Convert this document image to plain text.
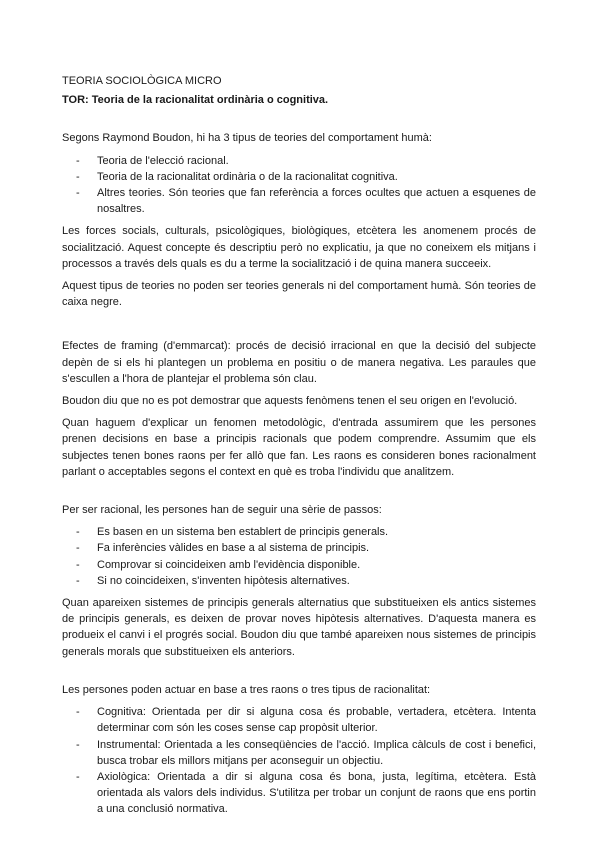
TEORIA SOCIOLÒGICA MICRO

TOR: Teoria de la racionalitat ordinària o cognitiva.

Segons Raymond Boudon, hi ha 3 tipus de teories del comportament humà:

- Teoria de l'elecció racional.
- Teoria de la racionalitat ordinària o de la racionalitat cognitiva.
- Altres teories. Són teories que fan referència a forces ocultes que actuen a esquenes de nosaltres.

Les forces socials, culturals, psicològiques, biològiques, etcètera les anomenem procés de socialització. Aquest concepte és descriptiu però no explicatiu, ja que no coneixem els mitjans i processos a través dels quals es du a terme la socialització i de quina manera succeeix.

Aquest tipus de teories no poden ser teories generals ni del comportament humà. Són teories de caixa negre.

Efectes de framing (d'emmarcat): procés de decisió irracional en que la decisió del subjecte depèn de si els hi plantegen un problema en positiu o de manera negativa. Les paraules que s'escullen a l'hora de plantejar el problema són clau.

Boudon diu que no es pot demostrar que aquests fenòmens tenen el seu origen en l'evolució.

Quan haguem d'explicar un fenomen metodològic, d'entrada assumirem que les persones prenen decisions en base a principis racionals que podem comprendre. Assumim que els subjectes tenen bones raons per fer allò que fan. Les raons es consideren bones racionalment parlant o acceptables segons el context en què es troba l'individu que analitzem.

Per ser racional, les persones han de seguir una sèrie de passos:

- Es basen en un sistema ben establert de principis generals.
- Fa inferències vàlides en base a al sistema de principis.
- Comprovar si coincideixen amb l'evidència disponible.
- Si no coincideixen, s'inventen hipòtesis alternatives.

Quan apareixen sistemes de principis generals alternatius que substitueixen els antics sistemes de principis generals, es deixen de provar noves hipòtesis alternatives. D'aquesta manera es produeix el canvi i el progrés social. Boudon diu que també apareixen nous sistemes de principis generals morals que substitueixen els anteriors.

Les persones poden actuar en base a tres raons o tres tipus de racionalitat:

- Cognitiva: Orientada per dir si alguna cosa és probable, vertadera, etcètera. Intenta determinar com són les coses sense cap propòsit ulterior.
- Instrumental: Orientada a les conseqüències de l'acció. Implica càlculs de cost i benefici, busca trobar els millors mitjans per aconseguir un objectiu.
- Axiològica: Orientada a dir si alguna cosa és bona, justa, legítima, etcètera. Està orientada als valors dels individus. S'utilitza per trobar un conjunt de raons que ens portin a una conclusió normativa.
